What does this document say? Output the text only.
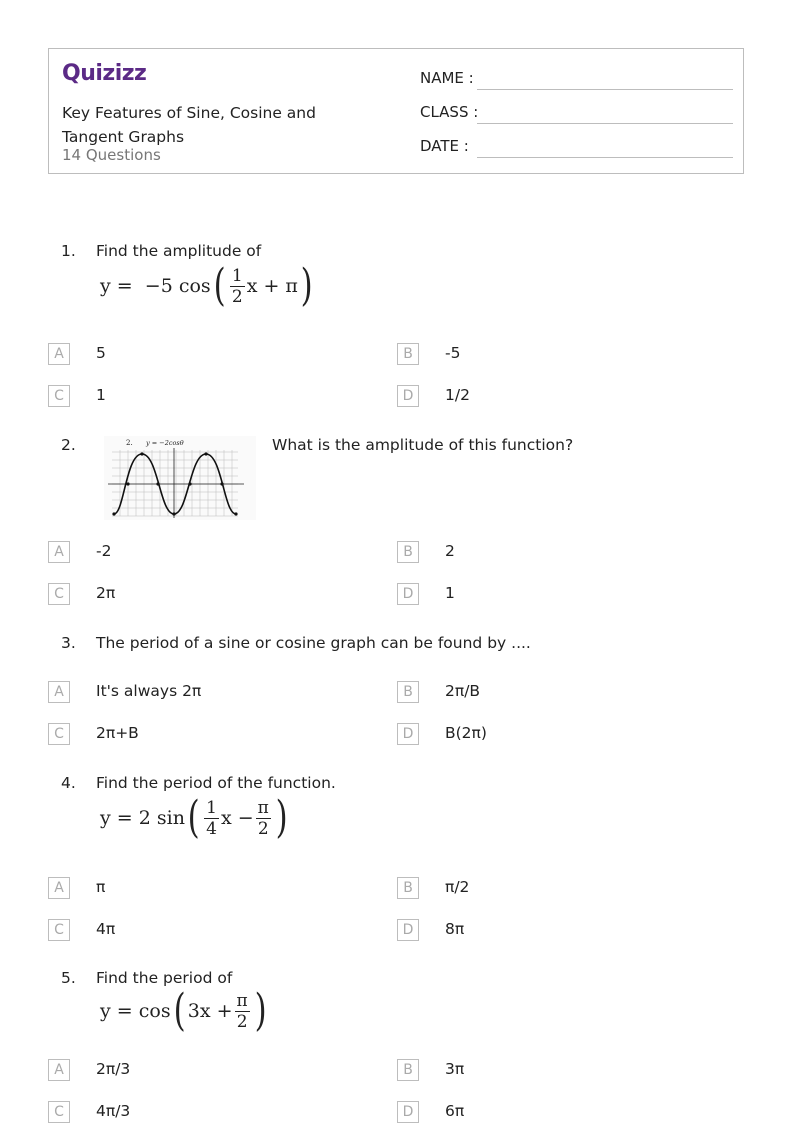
Quizizz
Key Features of Sine, Cosine and Tangent Graphs
14 Questions
NAME :
CLASS :
DATE :
1. Find the amplitude of
y
=
−5 cos ( $\frac{1}{2}$ x + π )
A	5	B	-5
C	1	D	1/2
2.	2. y = −2cosθ	What is the amplitude of this function?
A	-2	B	2
C	2π	D	1
3. The period of a sine or cosine graph can be found by ....
A	It's always 2π	B	2π/B
C	2π+B	D	B(2π)
4. Find the period of the function.
y
=
2 sin ( $\frac{1}{4}$ $x - \frac{\pi}{2}$ )
A	π	B	π/2
C	4π	D	8π
5. Find the period of
y
=
cos ( $3x + \frac{\pi}{2}$ )
A	2π/3	B	3π
C	4π/3	D	6π
